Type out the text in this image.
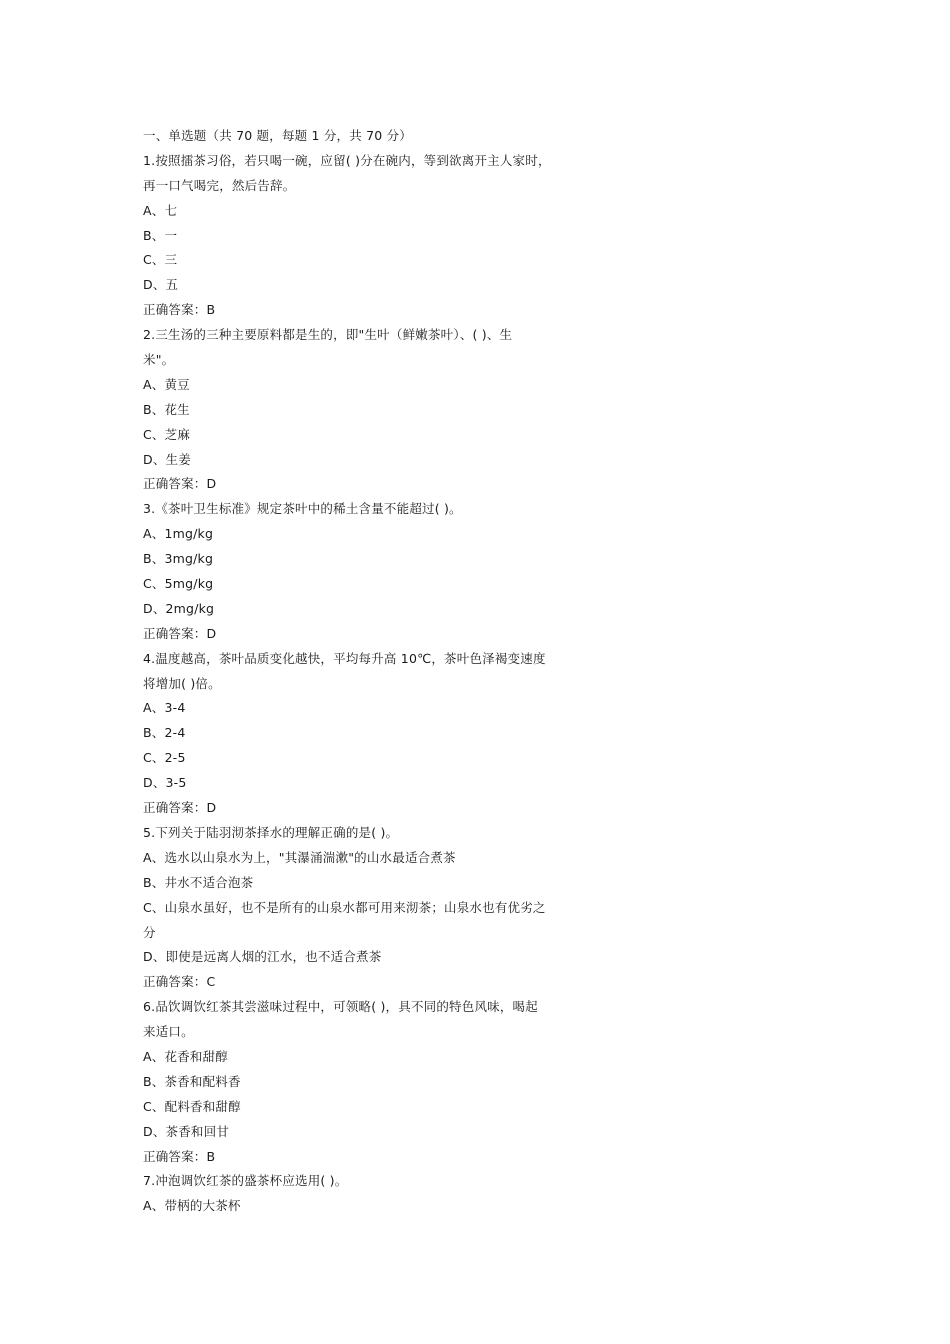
一、单选题（共 70 题，每题 1 分，共 70 分）
1.按照擂茶习俗，若只喝一碗，应留( )分在碗内，等到欲离开主人家时，
再一口气喝完，然后告辞。
A、七
B、一
C、三
D、五
正确答案：B
2.三生汤的三种主要原料都是生的，即"生叶（鲜嫩茶叶）、( )、生
米"。
A、黄豆
B、花生
C、芝麻
D、生姜
正确答案：D
3.《茶叶卫生标准》规定茶叶中的稀土含量不能超过( )。
A、1mg/kg
B、3mg/kg
C、5mg/kg
D、2mg/kg
正确答案：D
4.温度越高，茶叶品质变化越快，平均每升高 10℃，茶叶色泽褐变速度
将增加( )倍。
A、3-4
B、2-4
C、2-5
D、3-5
正确答案：D
5.下列关于陆羽沏茶择水的理解正确的是( )。
A、选水以山泉水为上，"其瀑涌湍漱"的山水最适合煮茶
B、井水不适合泡茶
C、山泉水虽好，也不是所有的山泉水都可用来沏茶；山泉水也有优劣之
分
D、即使是远离人烟的江水，也不适合煮茶
正确答案：C
6.品饮调饮红茶其尝滋味过程中，可领略( )，具不同的特色风味，喝起
来适口。
A、花香和甜醇
B、茶香和配料香
C、配料香和甜醇
D、茶香和回甘
正确答案：B
7.冲泡调饮红茶的盛茶杯应选用( )。
A、带柄的大茶杯
